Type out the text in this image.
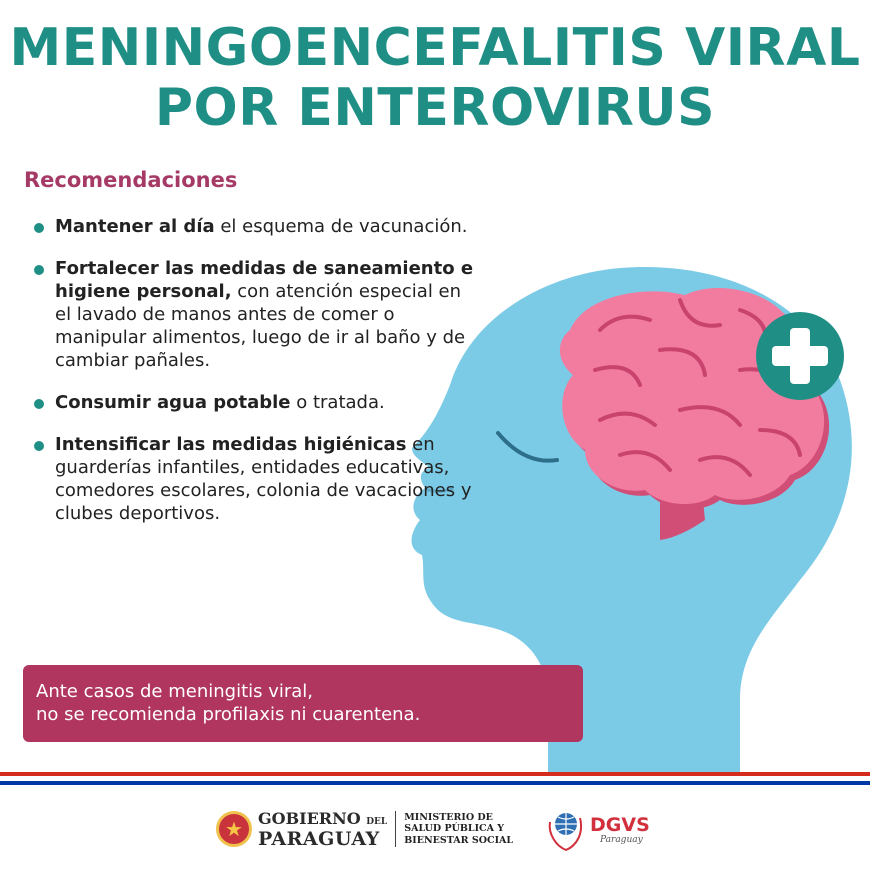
MENINGOENCEFALITIS VIRAL
POR ENTEROVIRUS
Recomendaciones
Mantener al día el esquema de vacunación.
Fortalecer las medidas de saneamiento e higiene personal, con atención especial en el lavado de manos antes de comer o manipular alimentos, luego de ir al baño y de cambiar pañales.
Consumir agua potable o tratada.
Intensificar las medidas higiénicas en guarderías infantiles, entidades educativas, comedores escolares, colonia de vacaciones y clubes deportivos.
Ante casos de meningitis viral,
no se recomienda profilaxis ni cuarentena.
★ GOBIERNO DEL
PARAGUAY
MINISTERIO DE
SALUD PÚBLICA Y
BIENESTAR SOCIAL
DGVS
Paraguay
